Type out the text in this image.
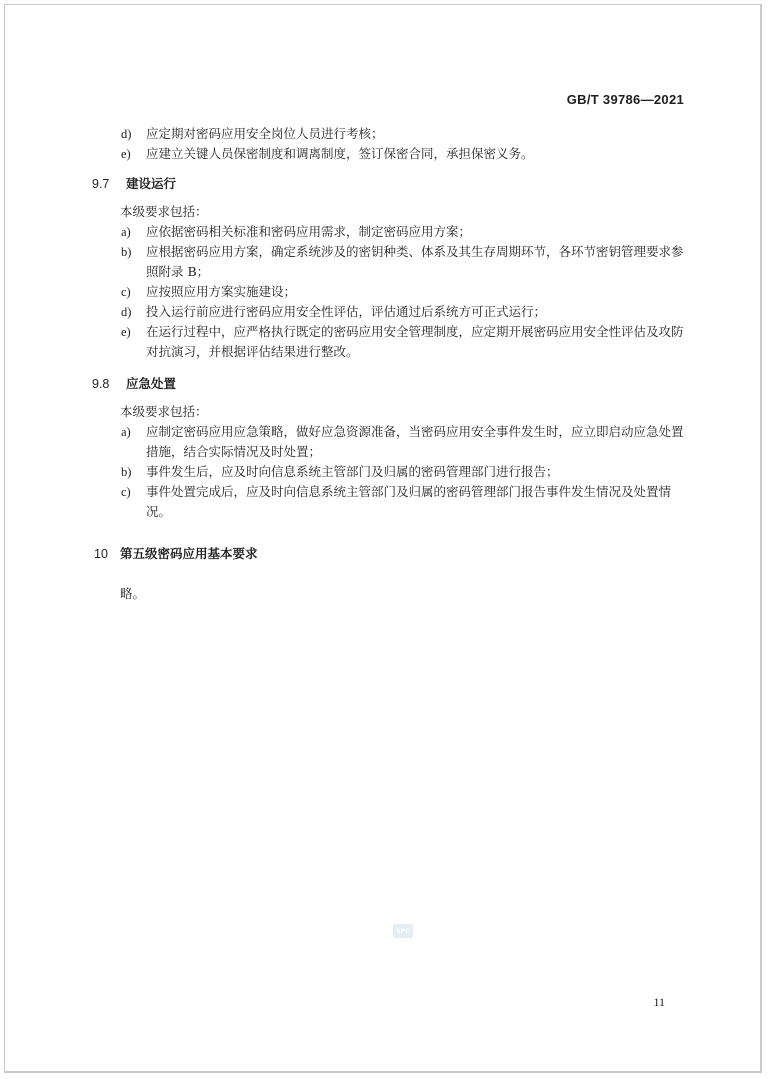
GB/T 39786—2021
d) 应定期对密码应用安全岗位人员进行考核；
e) 应建立关键人员保密制度和调离制度，签订保密合同，承担保密义务。
9.7 建设运行
本级要求包括：
a) 应依据密码相关标准和密码应用需求，制定密码应用方案；
b) 应根据密码应用方案，确定系统涉及的密钥种类、体系及其生存周期环节，各环节密钥管理要求参照附录 B；
c) 应按照应用方案实施建设；
d) 投入运行前应进行密码应用安全性评估，评估通过后系统方可正式运行；
e) 在运行过程中，应严格执行既定的密码应用安全管理制度，应定期开展密码应用安全性评估及攻防对抗演习，并根据评估结果进行整改。
9.8 应急处置
本级要求包括：
a) 应制定密码应用应急策略，做好应急资源准备，当密码应用安全事件发生时，应立即启动应急处置措施，结合实际情况及时处置；
b) 事件发生后，应及时向信息系统主管部门及归属的密码管理部门进行报告；
c) 事件处置完成后，应及时向信息系统主管部门及归属的密码管理部门报告事件发生情况及处置情况。
10 第五级密码应用基本要求
略。
SPC
11
